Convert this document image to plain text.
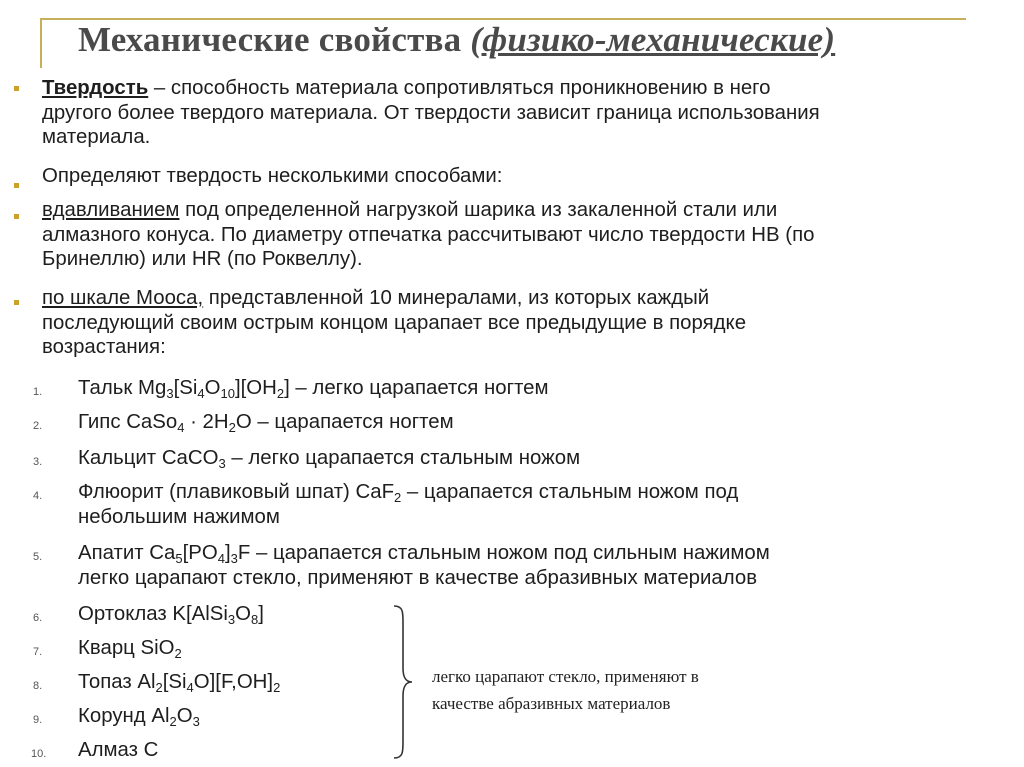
Механические свойства (физико-механические)

Твердость – способность материала сопротивляться проникновению в него
другого более твердого материала. От твердости зависит граница использования
материала.

Определяют твердость несколькими способами:

вдавливанием под определенной нагрузкой шарика из закаленной стали или
алмазного конуса. По диаметру отпечатка рассчитывают число твердости НВ (по
Бринеллю) или HR (по Роквеллу).

по шкале Мооса, представленной 10 минералами, из которых каждый
последующий своим острым концом царапает все предыдущие в порядке
возрастания:

1. Тальк $Mg_3[Si_4O_{10}][OH_2]$ – легко царапается ногтем

2. Гипс CaSo$_4$ · $2H_2O$ – царапается ногтем

3. Кальцит CaCO$_3$ – легко царапается стальным ножом

4. Флюорит (плавиковый шпат) CaF$_2$ – царапается стальным ножом под
небольшим нажимом

5. Апатит $Ca_5[PO_4]_3F$ – царапается стальным ножом под сильным нажимом
легко царапают стекло, применяют в качестве абразивных материалов

6. Ортоклаз $K[AlSi_3O_8]$

7. Кварц SiO$_2$

8. Топаз $Al_2[Si_4O][F,OH]_2$

9. Корунд $Al_2O_3$

10. Алмаз С

легко царапают стекло, применяют в

качестве абразивных материалов
